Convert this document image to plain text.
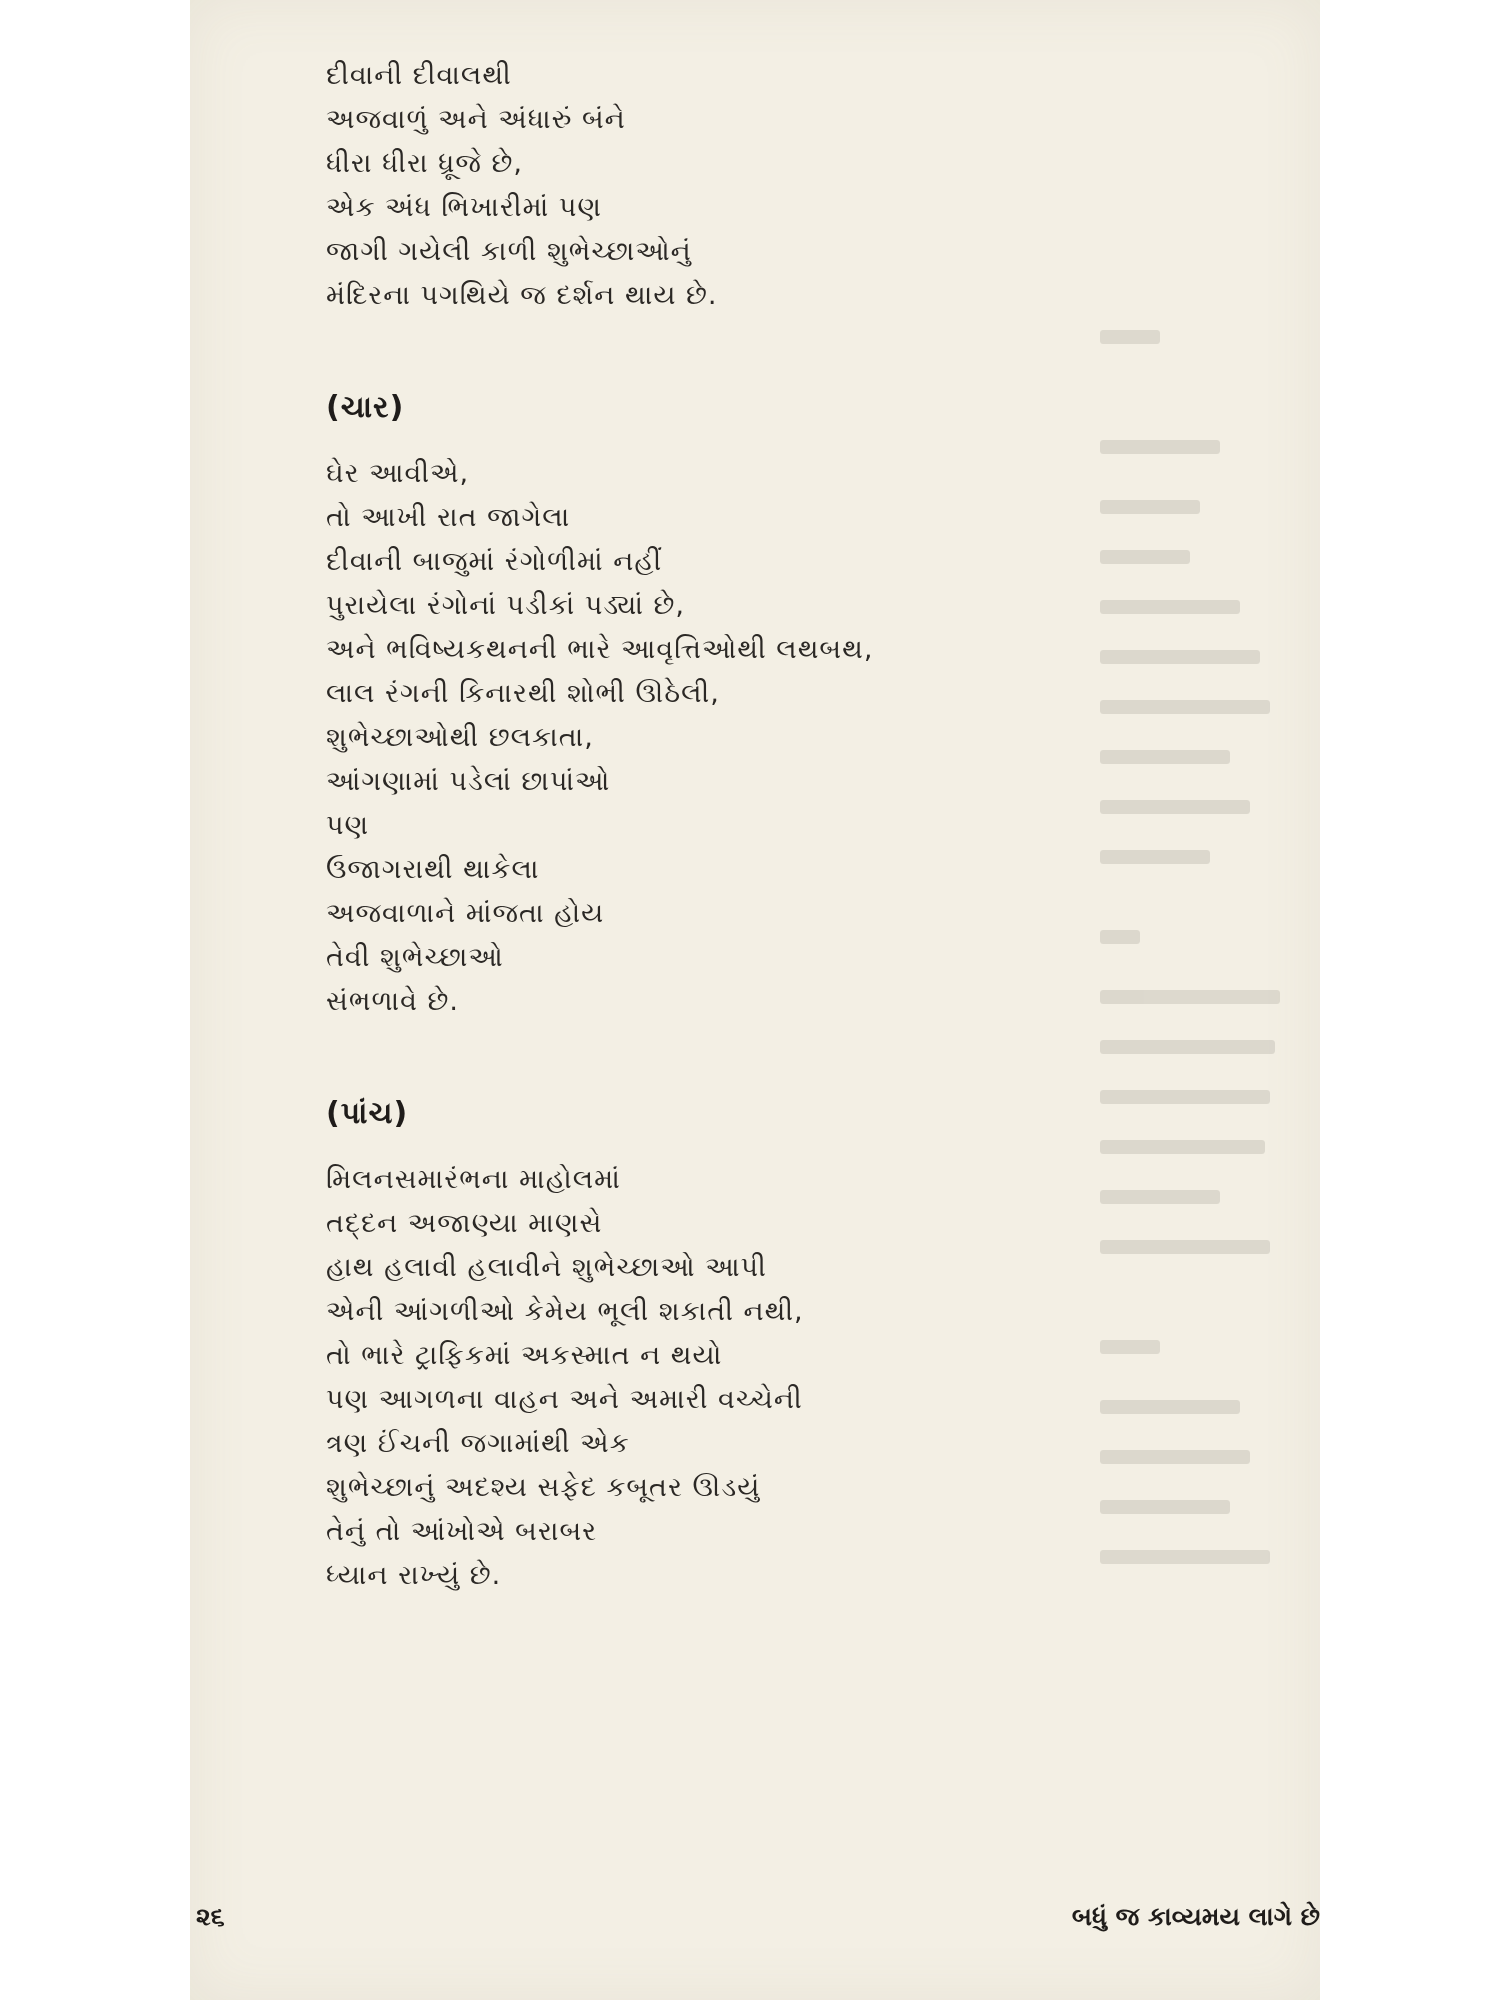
દીવાની દીવાલથી
અજવાળું અને અંધારું બંને
ધીરા ધીરા ધ્રૂજે છે,
એક અંધ ભિખારીમાં પણ
જાગી ગયેલી કાળી શુભેચ્છાઓનું
મંદિરના પગથિયે જ દર્શન થાય છે.
(ચાર)
ઘેર આવીએ,
તો આખી રાત જાગેલા
દીવાની બાજુમાં રંગોળીમાં નહીં
પુરાયેલા રંગોનાં પડીકાં પડ્યાં છે,
અને ભવિષ્યકથનની ભારે આવૃત્તિઓથી લથબથ,
લાલ રંગની કિનારથી શોભી ઊઠેલી,
શુભેચ્છાઓથી છલકાતા,
આંગણામાં પડેલાં છાપાંઓ
પણ
ઉજાગરાથી થાકેલા
અજવાળાને માંજતા હોય
તેવી શુભેચ્છાઓ
સંભળાવે છે.
(પાંચ)
મિલનસમારંભના માહોલમાં
તદ્દન અજાણ્યા માણસે
હાથ હલાવી હલાવીને શુભેચ્છાઓ આપી
એની આંગળીઓ કેમેય ભૂલી શકાતી નથી,
તો ભારે ટ્રાફિકમાં અકસ્માત ન થયો
પણ આગળના વાહન અને અમારી વચ્ચેની
ત્રણ ઈંચની જગામાંથી એક
શુભેચ્છાનું અદશ્ય સફેદ કબૂતર ઊડયું
તેનું તો આંખોએ બરાબર
ધ્યાન રાખ્યું છે.
૨૬	બધું જ કાવ્યમય લાગે છે
